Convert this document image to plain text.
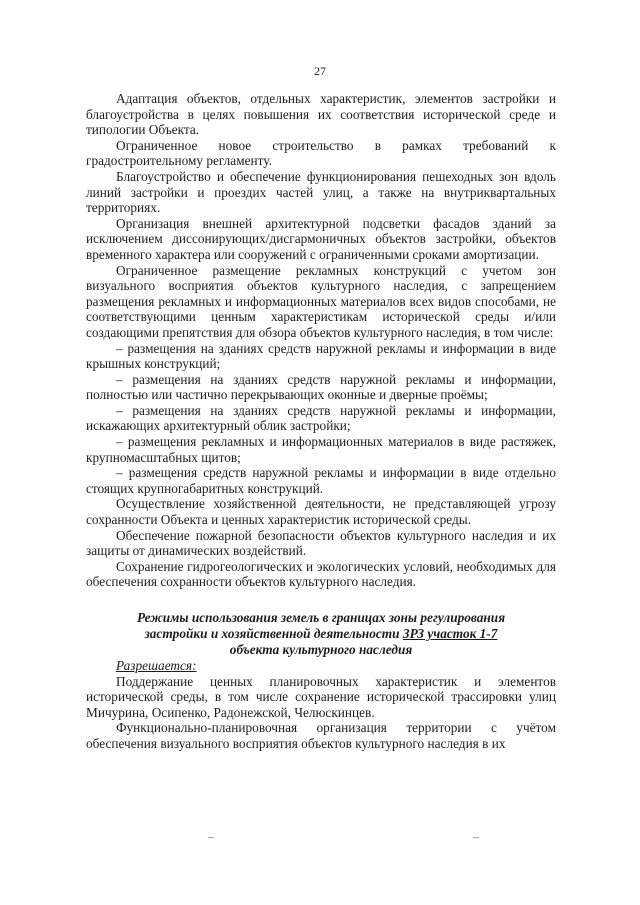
27

Адаптация объектов, отдельных характеристик, элементов застройки и благоустройства в целях повышения их соответствия исторической среде и типологии Объекта.

Ограниченное новое строительство в рамках требований к градостроительному регламенту.

Благоустройство и обеспечение функционирования пешеходных зон вдоль линий застройки и проездих частей улиц, а также на внутриквартальных территориях.

Организация внешней архитектурной подсветки фасадов зданий за исключением диссонирующих/дисгармоничных объектов застройки, объектов временного характера или сооружений с ограниченными сроками амортизации.

Ограниченное размещение рекламных конструкций с учетом зон визуального восприятия объектов культурного наследия, с запрещением размещения рекламных и информационных материалов всех видов способами, не соответствующими ценным характеристикам исторической среды и/или создающими препятствия для обзора объектов культурного наследия, в том числе:

– размещения на зданиях средств наружной рекламы и информации в виде крышных конструкций;

– размещения на зданиях средств наружной рекламы и информации, полностью или частично перекрывающих оконные и дверные проёмы;

– размещения на зданиях средств наружной рекламы и информации, искажающих архитектурный облик застройки;

– размещения рекламных и информационных материалов в виде растяжек, крупномасштабных щитов;

– размещения средств наружной рекламы и информации в виде отдельно стоящих крупногабаритных конструкций.

Осуществление хозяйственной деятельности, не представляющей угрозу сохранности Объекта и ценных характеристик исторической среды.

Обеспечение пожарной безопасности объектов культурного наследия и их защиты от динамических воздействий.

Сохранение гидрогеологических и экологических условий, необходимых для обеспечения сохранности объектов культурного наследия.

Режимы использования земель в границах зоны регулирования
застройки и хозяйственной деятельности ЗРЗ участок 1-7
объекта культурного наследия

Разрешается:

Поддержание ценных планировочных характеристик и элементов исторической среды, в том числе сохранение исторической трассировки улиц Мичурина, Осипенко, Радонежской, Челюскинцев.

Функционально-планировочная организация территории с учётом обеспечения визуального восприятия объектов культурного наследия в их

–	–
